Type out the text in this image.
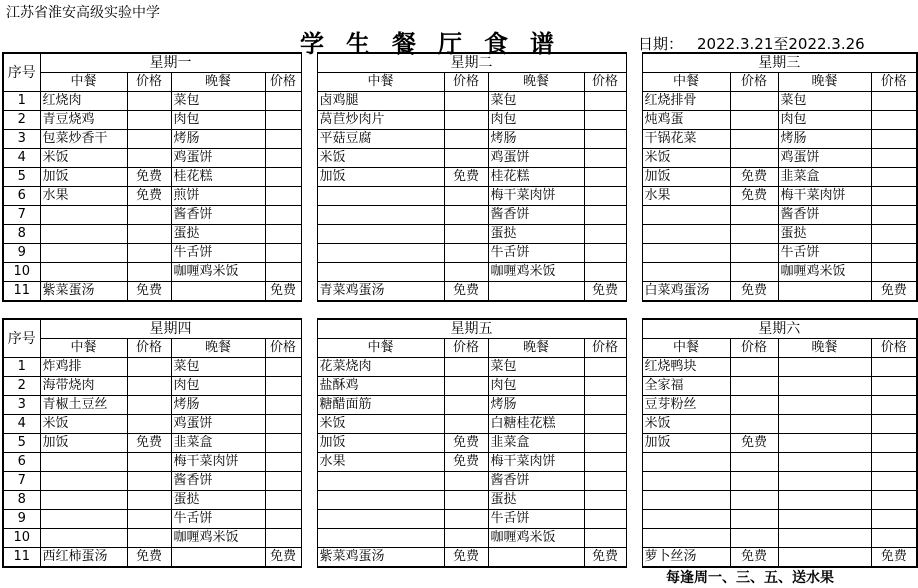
江苏省淮安高级实验中学
学生餐厅食谱	日期： 2022.3.21至2022.3.26
序号	星期一					星期二					星期三			
	中餐	价格	晚餐	价格		中餐	价格	晚餐	价格		中餐	价格	晚餐	价格
1	红烧肉		菜包			卤鸡腿		菜包			红烧排骨		菜包	
2	青豆烧鸡		肉包			莴苣炒肉片		肉包			炖鸡蛋		肉包	
3	包菜炒香干		烤肠			平菇豆腐		烤肠			干锅花菜		烤肠	
4	米饭		鸡蛋饼			米饭		鸡蛋饼			米饭		鸡蛋饼	
5	加饭	免费	桂花糕			加饭	免费	桂花糕			加饭	免费	韭菜盒	
6	水果	免费	煎饼					梅干菜肉饼			水果	免费	梅干菜肉饼	
7			酱香饼					酱香饼					酱香饼	
8			蛋挞					蛋挞					蛋挞	
9			牛舌饼					牛舌饼					牛舌饼	
10			咖喱鸡米饭					咖喱鸡米饭					咖喱鸡米饭	
11	紫菜蛋汤	免费		免费		青菜鸡蛋汤	免费		免费		白菜鸡蛋汤	免费		免费
序号	星期四					星期五					星期六			
	中餐	价格	晚餐	价格		中餐	价格	晚餐	价格		中餐	价格	晚餐	价格
1	炸鸡排		菜包			花菜烧肉		菜包			红烧鸭块			
2	海带烧肉		肉包			盐酥鸡		肉包			全家福			
3	青椒土豆丝		烤肠			糖醋面筋		烤肠			豆芽粉丝			
4	米饭		鸡蛋饼			米饭		白糖桂花糕			米饭			
5	加饭	免费	韭菜盒			加饭	免费	韭菜盒			加饭	免费		
6			梅干菜肉饼			水果	免费	梅干菜肉饼						
7			酱香饼					酱香饼						
8			蛋挞					蛋挞						
9			牛舌饼					牛舌饼						
10			咖喱鸡米饭					咖喱鸡米饭						
11	西红柿蛋汤	免费		免费		紫菜鸡蛋汤	免费		免费		萝卜丝汤	免费		免费
每逢周一、三、五、送水果
